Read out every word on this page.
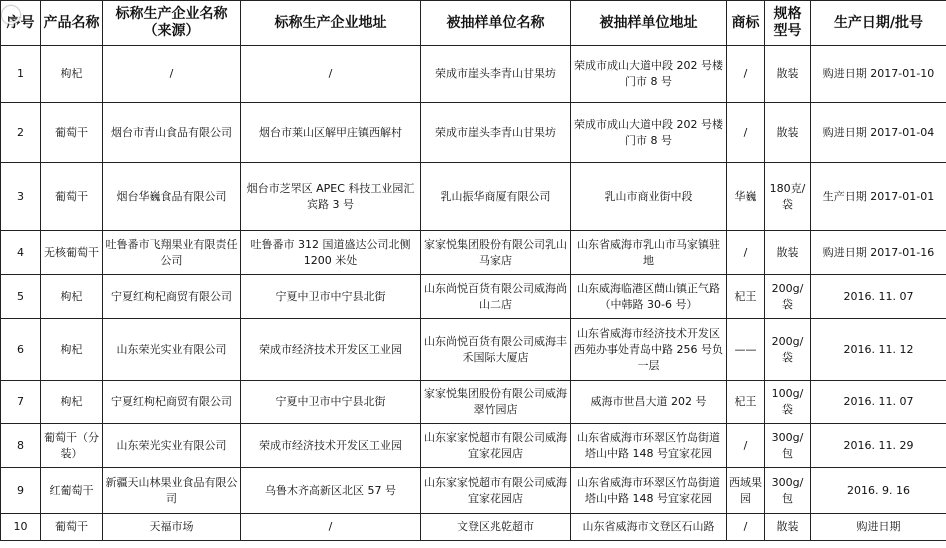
序号	产品名称	标称生产企业名称（来源）	标称生产企业地址	被抽样单位名称	被抽样单位地址	商标	规格型号	生产日期/批号
1	枸杞	/	/	荣成市崖头李青山甘果坊	荣成市成山大道中段 202 号楼门市 8 号	/	散装	购进日期 2017-01-10
2	葡萄干	烟台市青山食品有限公司	烟台市莱山区解甲庄镇西解村	荣成市崖头李青山甘果坊	荣成市成山大道中段 202 号楼门市 8 号	/	散装	购进日期 2017-01-04
3	葡萄干	烟台华巍食品有限公司	烟台市芝罘区 APEC 科技工业园汇宾路 3 号	乳山振华商厦有限公司	乳山市商业街中段	华巍	180克/袋	生产日期 2017-01-01
4	无核葡萄干	吐鲁番市飞翔果业有限责任公司	吐鲁番市 312 国道盛达公司北侧 1200 米处	家家悦集团股份有限公司乳山马家店	山东省威海市乳山市马家镇驻地	/	散装	购进日期 2017-01-16
5	枸杞	宁夏红枸杞商贸有限公司	宁夏中卫市中宁县北街	山东尚悦百货有限公司威海尚山二店	山东威海临港区蔄山镇正气路（中韩路 30-6 号）	杞王	200g/袋	2016. 11. 07
6	枸杞	山东荣光实业有限公司	荣成市经济技术开发区工业园	山东尚悦百货有限公司威海丰禾国际大厦店	山东省威海市经济技术开发区西苑办事处青岛中路 256 号负一层	——	200g/袋	2016. 11. 12
7	枸杞	宁夏红枸杞商贸有限公司	宁夏中卫市中宁县北街	家家悦集团股份有限公司威海翠竹园店	威海市世昌大道 202 号	杞王	100g/袋	2016. 11. 07
8	葡萄干（分装）	山东荣光实业有限公司	荣成市经济技术开发区工业园	山东家家悦超市有限公司威海宜家花园店	山东省威海市环翠区竹岛街道塔山中路 148 号宜家花园	/	300g/包	2016. 11. 29
9	红葡萄干	新疆天山林果业食品有限公司	乌鲁木齐高新区北区 57 号	山东家家悦超市有限公司威海宜家花园店	山东省威海市环翠区竹岛街道塔山中路 148 号宜家花园	西域果园	300g/包	2016. 9. 16
10	葡萄干	天福市场	/	文登区兆乾超市	山东省威海市文登区石山路	/	散装	购进日期
